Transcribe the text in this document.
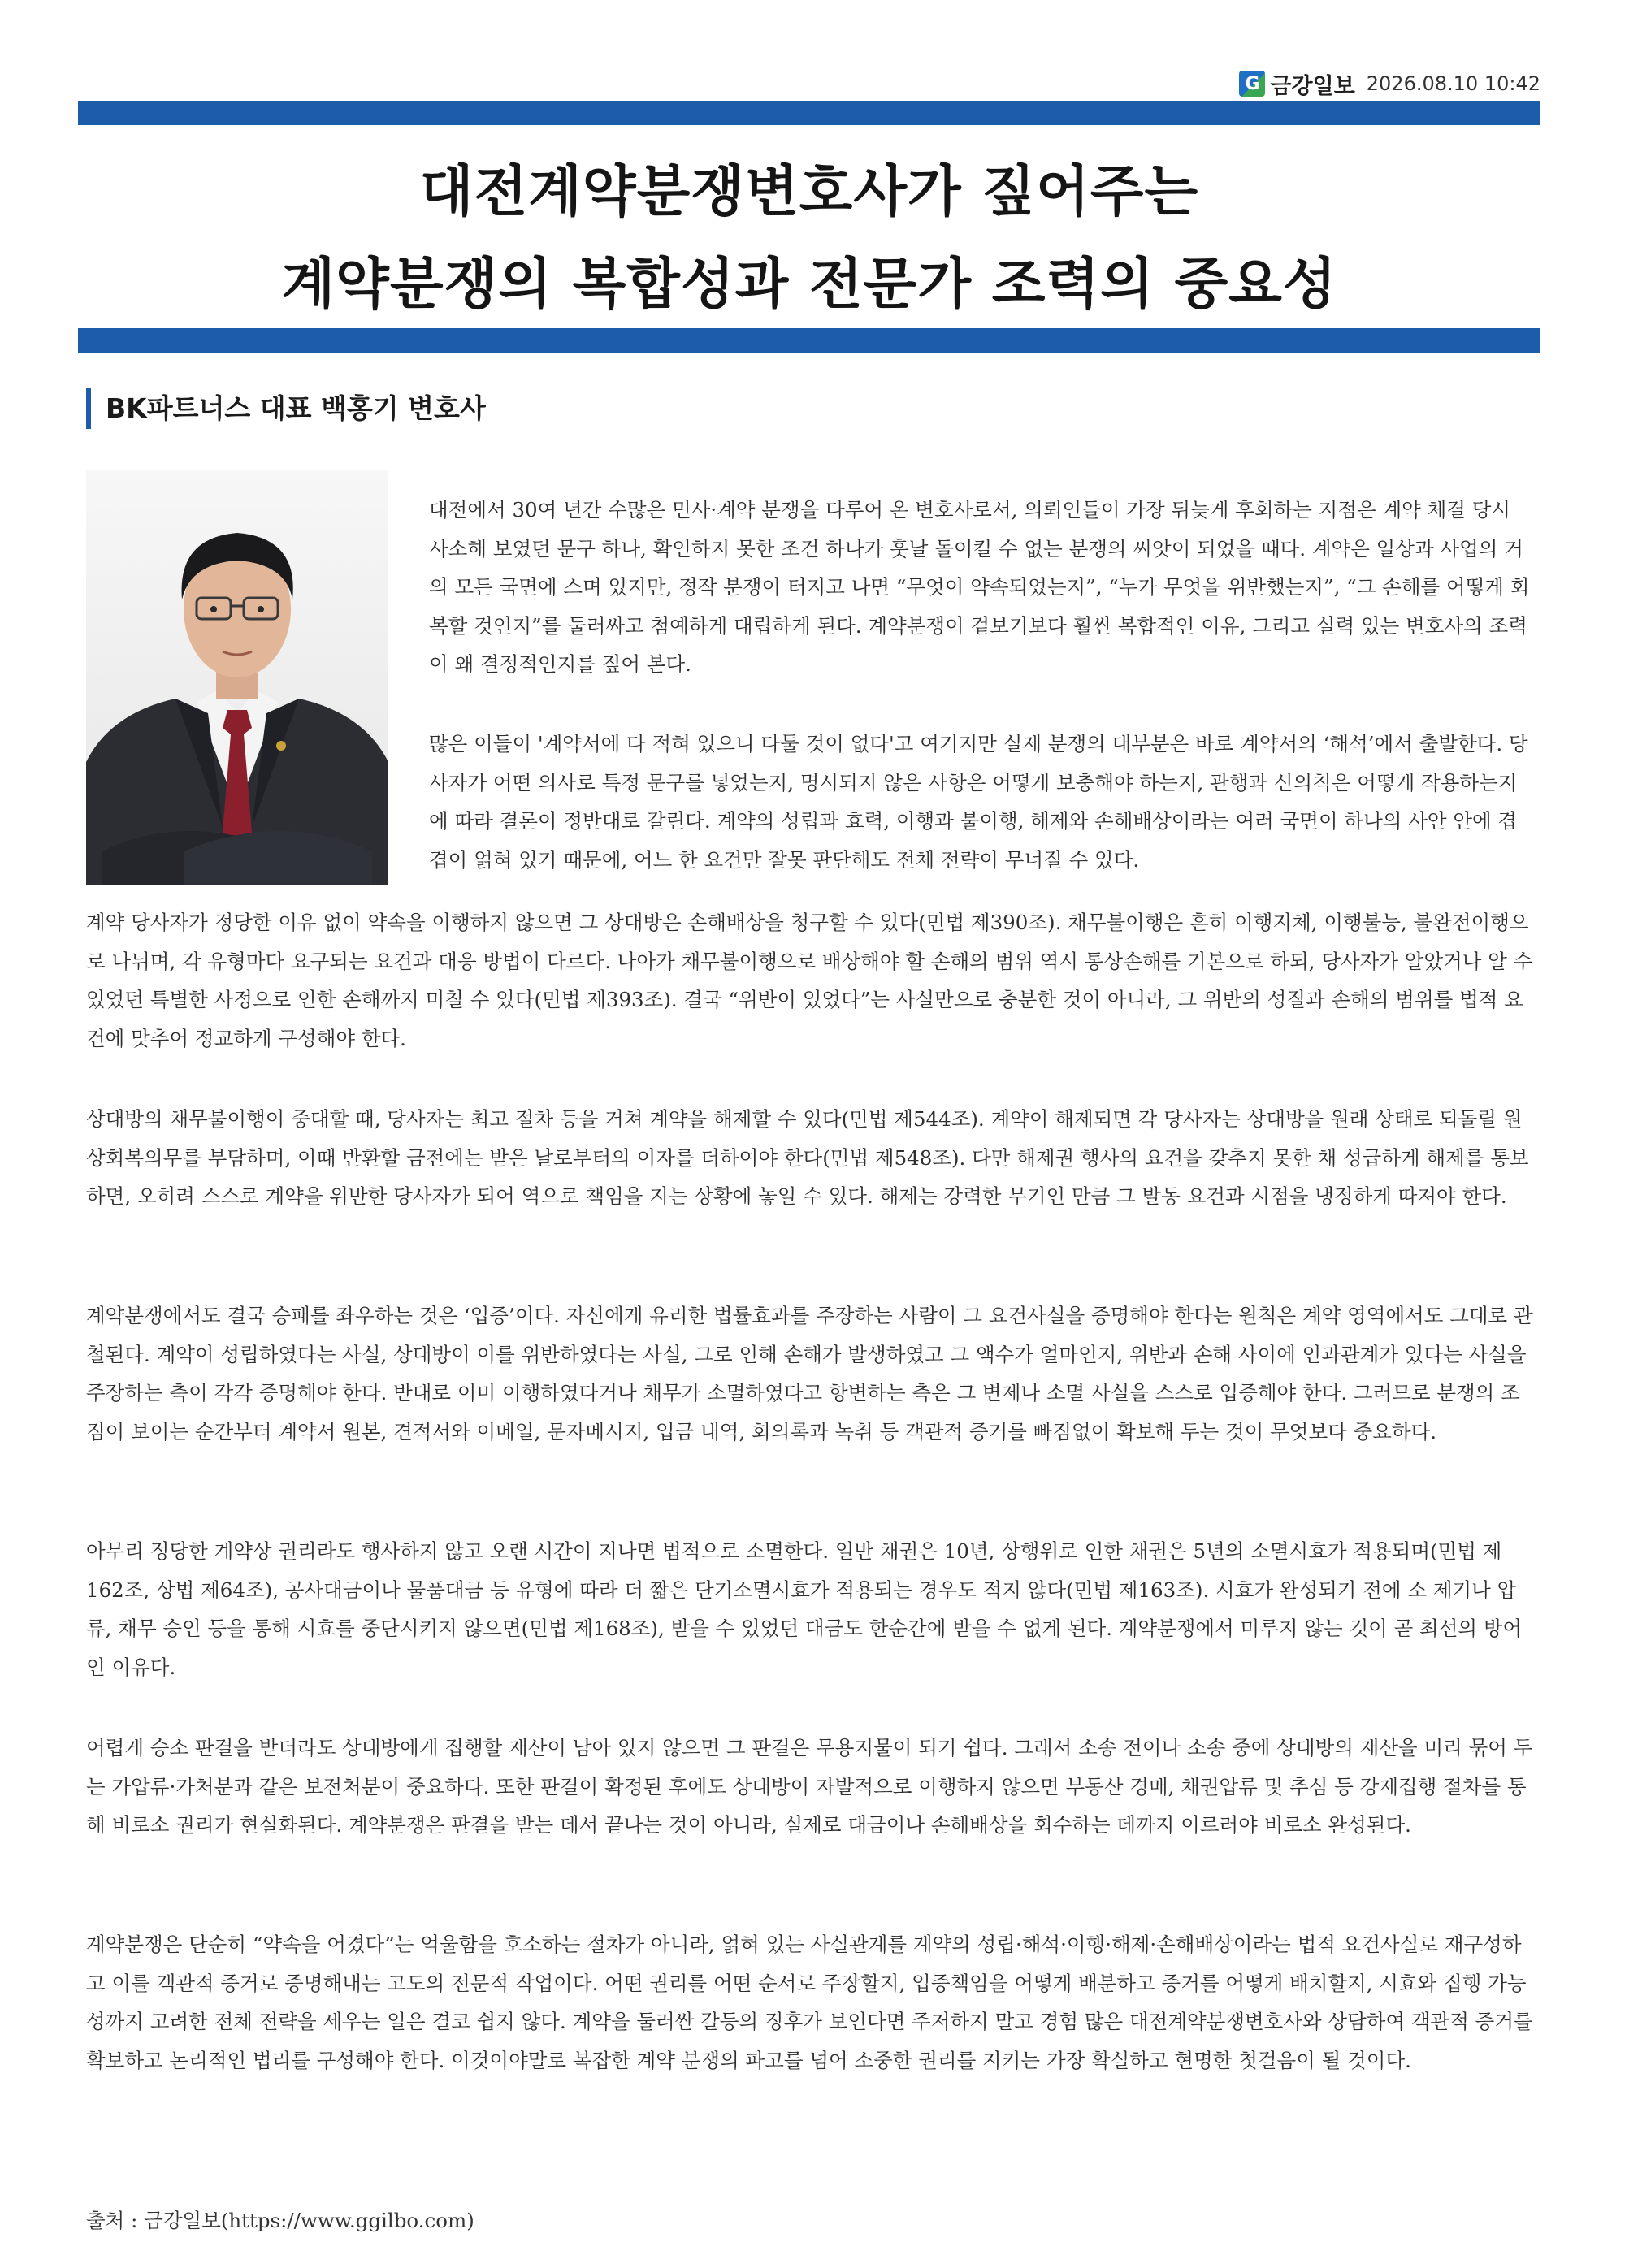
G 금강일보 2026.08.10 10:42
대전계약분쟁변호사가 짚어주는
계약분쟁의 복합성과 전문가 조력의 중요성
BK파트너스 대표 백홍기 변호사

대전에서 30여 년간 수많은 민사·계약 분쟁을 다루어 온 변호사로서, 의뢰인들이 가장 뒤늦게 후회하는 지점은 계약 체결 당시 사소해 보였던 문구 하나, 확인하지 못한 조건 하나가 훗날 돌이킬 수 없는 분쟁의 씨앗이 되었을 때다. 계약은 일상과 사업의 거의 모든 국면에 스며 있지만, 정작 분쟁이 터지고 나면 “무엇이 약속되었는지”, “누가 무엇을 위반했는지”, “그 손해를 어떻게 회복할 것인지”를 둘러싸고 첨예하게 대립하게 된다. 계약분쟁이 겉보기보다 훨씬 복합적인 이유, 그리고 실력 있는 변호사의 조력이 왜 결정적인지를 짚어 본다.

많은 이들이 '계약서에 다 적혀 있으니 다툴 것이 없다'고 여기지만 실제 분쟁의 대부분은 바로 계약서의 ‘해석’에서 출발한다. 당사자가 어떤 의사로 특정 문구를 넣었는지, 명시되지 않은 사항은 어떻게 보충해야 하는지, 관행과 신의칙은 어떻게 작용하는지에 따라 결론이 정반대로 갈린다. 계약의 성립과 효력, 이행과 불이행, 해제와 손해배상이라는 여러 국면이 하나의 사안 안에 겹겹이 얽혀 있기 때문에, 어느 한 요건만 잘못 판단해도 전체 전략이 무너질 수 있다.

계약 당사자가 정당한 이유 없이 약속을 이행하지 않으면 그 상대방은 손해배상을 청구할 수 있다(민법 제390조). 채무불이행은 흔히 이행지체, 이행불능, 불완전이행으로 나뉘며, 각 유형마다 요구되는 요건과 대응 방법이 다르다. 나아가 채무불이행으로 배상해야 할 손해의 범위 역시 통상손해를 기본으로 하되, 당사자가 알았거나 알 수 있었던 특별한 사정으로 인한 손해까지 미칠 수 있다(민법 제393조). 결국 “위반이 있었다”는 사실만으로 충분한 것이 아니라, 그 위반의 성질과 손해의 범위를 법적 요건에 맞추어 정교하게 구성해야 한다.

상대방의 채무불이행이 중대할 때, 당사자는 최고 절차 등을 거쳐 계약을 해제할 수 있다(민법 제544조). 계약이 해제되면 각 당사자는 상대방을 원래 상태로 되돌릴 원상회복의무를 부담하며, 이때 반환할 금전에는 받은 날로부터의 이자를 더하여야 한다(민법 제548조). 다만 해제권 행사의 요건을 갖추지 못한 채 성급하게 해제를 통보하면, 오히려 스스로 계약을 위반한 당사자가 되어 역으로 책임을 지는 상황에 놓일 수 있다. 해제는 강력한 무기인 만큼 그 발동 요건과 시점을 냉정하게 따져야 한다.

계약분쟁에서도 결국 승패를 좌우하는 것은 ‘입증’이다. 자신에게 유리한 법률효과를 주장하는 사람이 그 요건사실을 증명해야 한다는 원칙은 계약 영역에서도 그대로 관철된다. 계약이 성립하였다는 사실, 상대방이 이를 위반하였다는 사실, 그로 인해 손해가 발생하였고 그 액수가 얼마인지, 위반과 손해 사이에 인과관계가 있다는 사실을 주장하는 측이 각각 증명해야 한다. 반대로 이미 이행하였다거나 채무가 소멸하였다고 항변하는 측은 그 변제나 소멸 사실을 스스로 입증해야 한다. 그러므로 분쟁의 조짐이 보이는 순간부터 계약서 원본, 견적서와 이메일, 문자메시지, 입금 내역, 회의록과 녹취 등 객관적 증거를 빠짐없이 확보해 두는 것이 무엇보다 중요하다.

아무리 정당한 계약상 권리라도 행사하지 않고 오랜 시간이 지나면 법적으로 소멸한다. 일반 채권은 10년, 상행위로 인한 채권은 5년의 소멸시효가 적용되며(민법 제162조, 상법 제64조), 공사대금이나 물품대금 등 유형에 따라 더 짧은 단기소멸시효가 적용되는 경우도 적지 않다(민법 제163조). 시효가 완성되기 전에 소 제기나 압류, 채무 승인 등을 통해 시효를 중단시키지 않으면(민법 제168조), 받을 수 있었던 대금도 한순간에 받을 수 없게 된다. 계약분쟁에서 미루지 않는 것이 곧 최선의 방어인 이유다.

어렵게 승소 판결을 받더라도 상대방에게 집행할 재산이 남아 있지 않으면 그 판결은 무용지물이 되기 쉽다. 그래서 소송 전이나 소송 중에 상대방의 재산을 미리 묶어 두는 가압류·가처분과 같은 보전처분이 중요하다. 또한 판결이 확정된 후에도 상대방이 자발적으로 이행하지 않으면 부동산 경매, 채권압류 및 추심 등 강제집행 절차를 통해 비로소 권리가 현실화된다. 계약분쟁은 판결을 받는 데서 끝나는 것이 아니라, 실제로 대금이나 손해배상을 회수하는 데까지 이르러야 비로소 완성된다.

계약분쟁은 단순히 “약속을 어겼다”는 억울함을 호소하는 절차가 아니라, 얽혀 있는 사실관계를 계약의 성립·해석·이행·해제·손해배상이라는 법적 요건사실로 재구성하고 이를 객관적 증거로 증명해내는 고도의 전문적 작업이다. 어떤 권리를 어떤 순서로 주장할지, 입증책임을 어떻게 배분하고 증거를 어떻게 배치할지, 시효와 집행 가능성까지 고려한 전체 전략을 세우는 일은 결코 쉽지 않다. 계약을 둘러싼 갈등의 징후가 보인다면 주저하지 말고 경험 많은 대전계약분쟁변호사와 상담하여 객관적 증거를 확보하고 논리적인 법리를 구성해야 한다. 이것이야말로 복잡한 계약 분쟁의 파고를 넘어 소중한 권리를 지키는 가장 확실하고 현명한 첫걸음이 될 것이다.

출처 : 금강일보(https://www.ggilbo.com)
